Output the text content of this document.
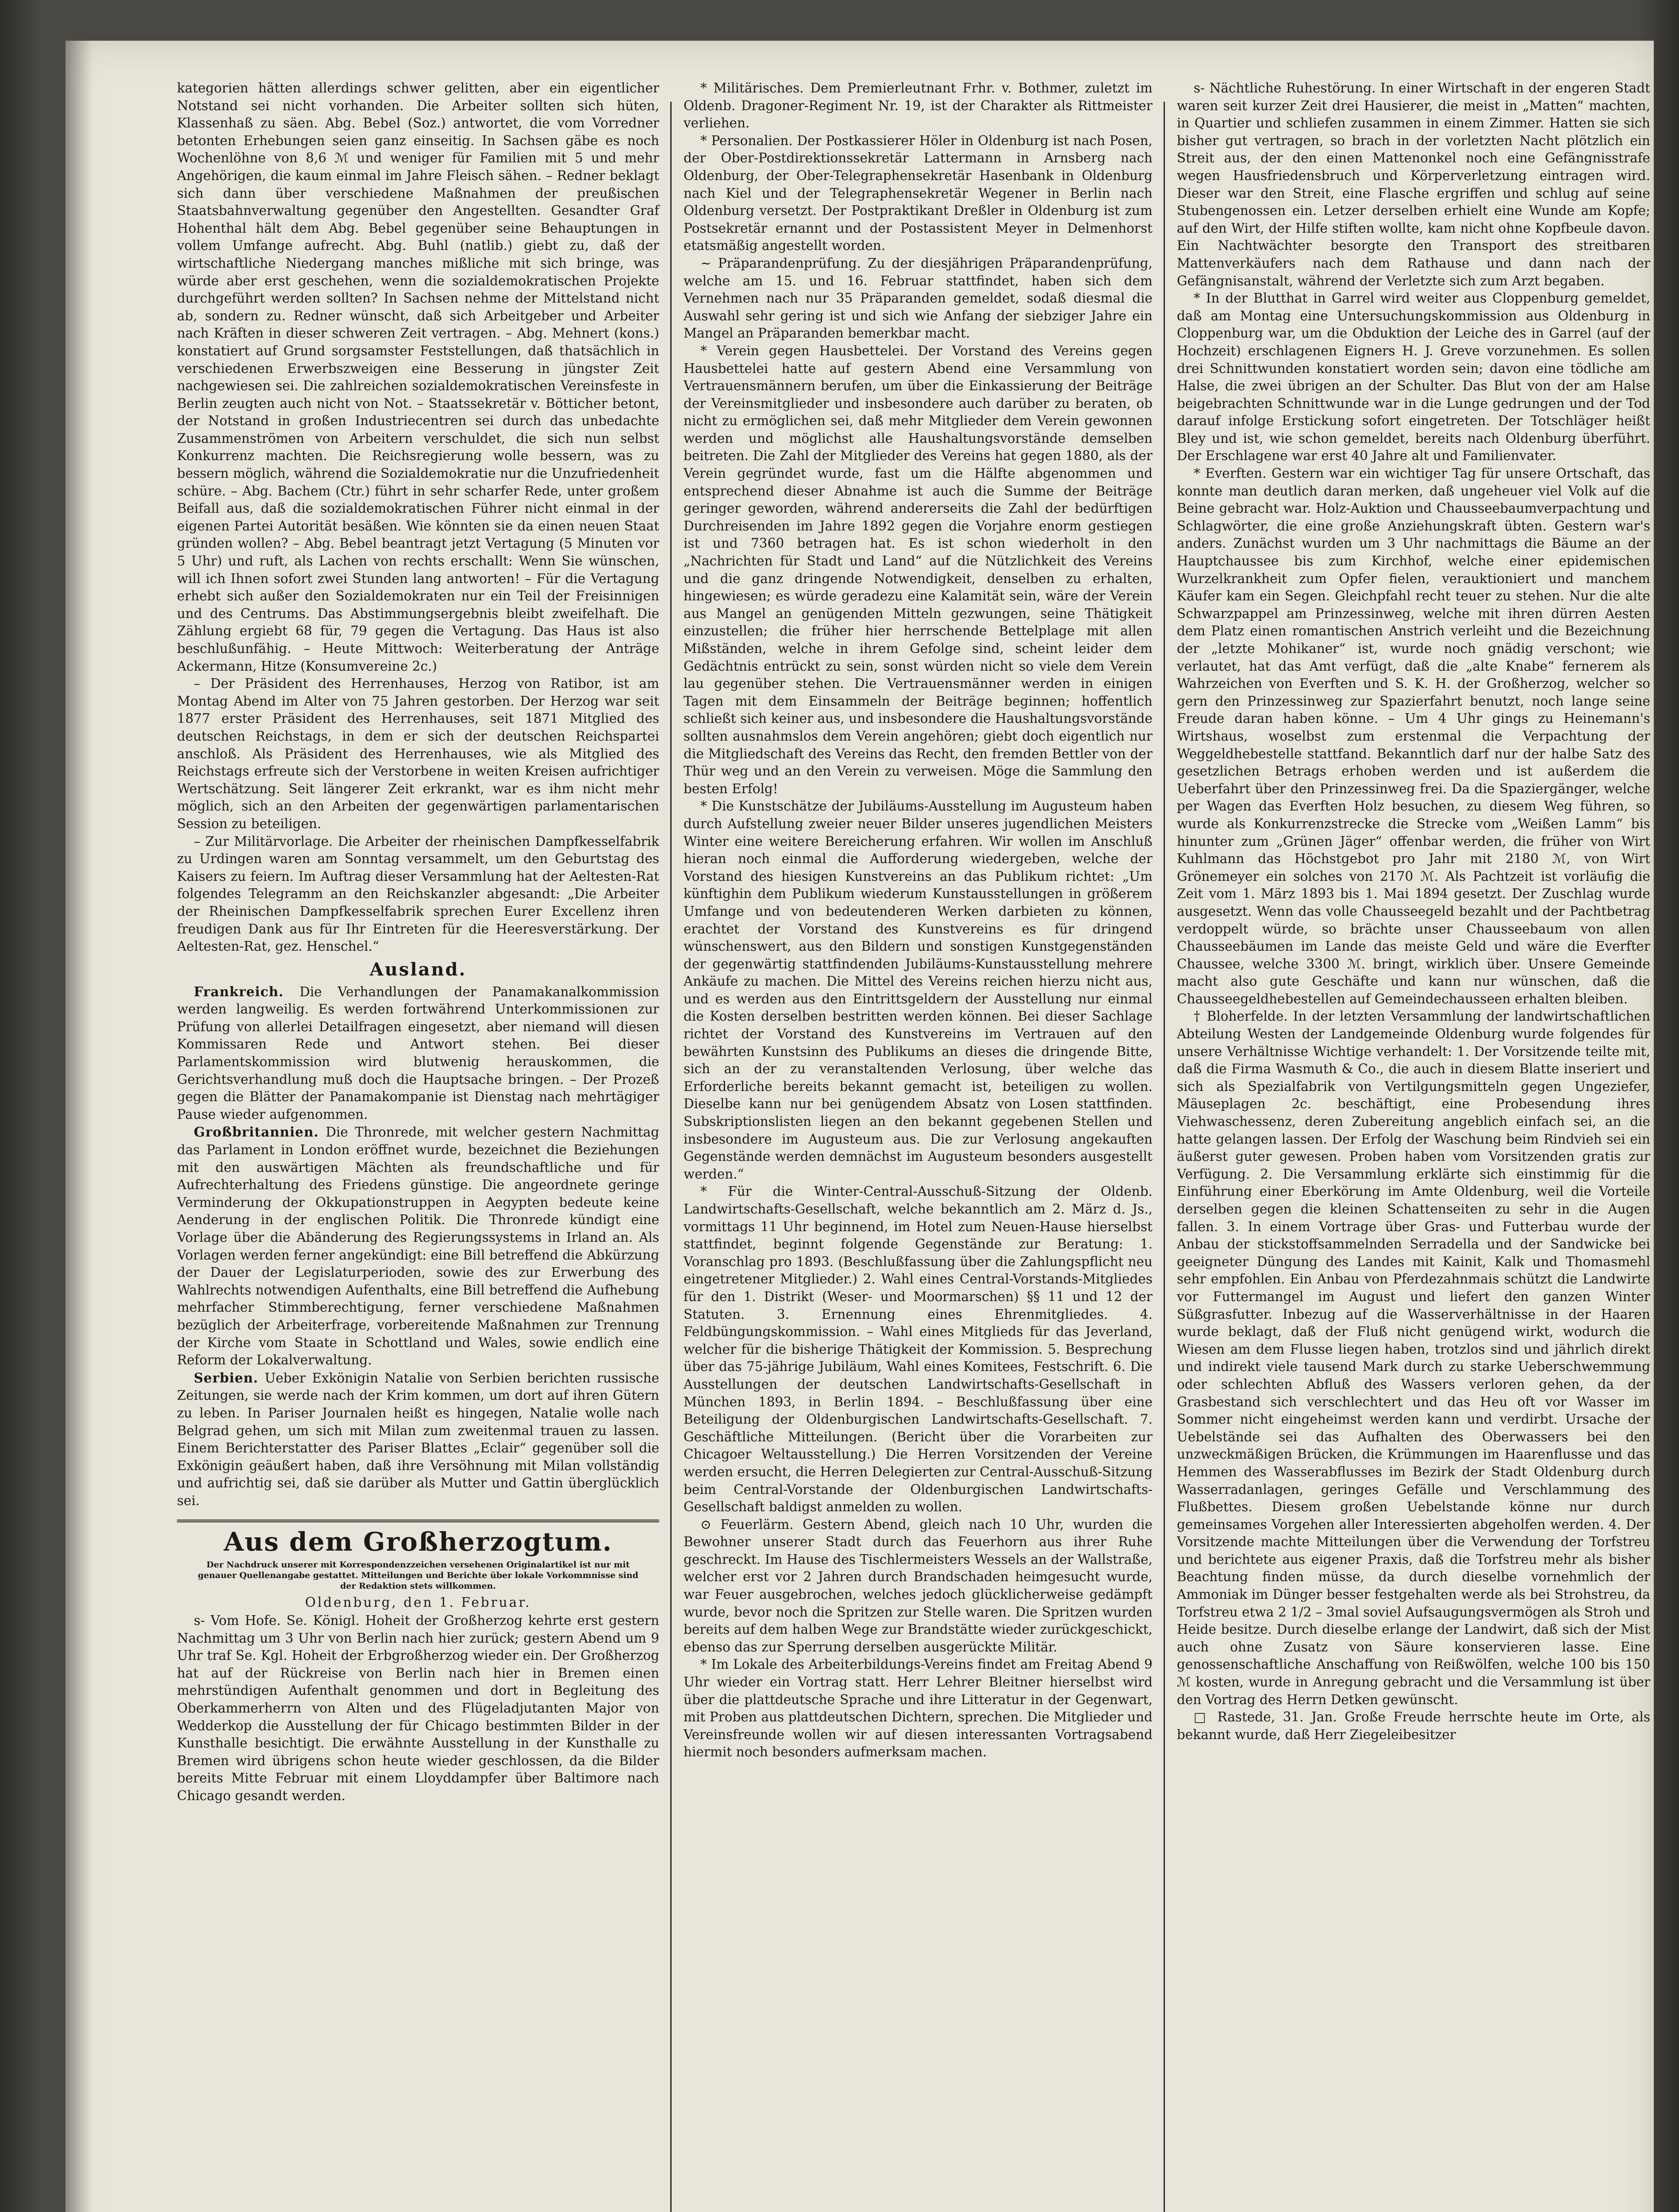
kategorien hätten allerdings schwer gelitten, aber ein eigentlicher Notstand sei nicht vorhanden. Die Arbeiter sollten sich hüten, Klassenhaß zu säen. Abg. Bebel (Soz.) antwortet, die vom Vorredner betonten Erhebungen seien ganz einseitig. In Sachsen gäbe es noch Wochenlöhne von 8,6 ℳ und weniger für Familien mit 5 und mehr Angehörigen, die kaum einmal im Jahre Fleisch sähen. – Redner beklagt sich dann über verschiedene Maßnahmen der preußischen Staatsbahnverwaltung gegenüber den Angestellten. Gesandter Graf Hohenthal hält dem Abg. Bebel gegenüber seine Behauptungen in vollem Umfange aufrecht. Abg. Buhl (natlib.) giebt zu, daß der wirtschaftliche Niedergang manches mißliche mit sich bringe, was würde aber erst geschehen, wenn die sozialdemokratischen Projekte durchgeführt werden sollten? In Sachsen nehme der Mittelstand nicht ab, sondern zu. Redner wünscht, daß sich Arbeitgeber und Arbeiter nach Kräften in dieser schweren Zeit vertragen. – Abg. Mehnert (kons.) konstatiert auf Grund sorgsamster Feststellungen, daß thatsächlich in verschiedenen Erwerbszweigen eine Besserung in jüngster Zeit nachgewiesen sei. Die zahlreichen sozialdemokratischen Vereinsfeste in Berlin zeugten auch nicht von Not. – Staatssekretär v. Bötticher betont, der Notstand in großen Industriecentren sei durch das unbedachte Zusammenströmen von Arbeitern verschuldet, die sich nun selbst Konkurrenz machten. Die Reichsregierung wolle bessern, was zu bessern möglich, während die Sozialdemokratie nur die Unzufriedenheit schüre. – Abg. Bachem (Ctr.) führt in sehr scharfer Rede, unter großem Beifall aus, daß die sozialdemokratischen Führer nicht einmal in der eigenen Partei Autorität besäßen. Wie könnten sie da einen neuen Staat gründen wollen? – Abg. Bebel beantragt jetzt Vertagung (5 Minuten vor 5 Uhr) und ruft, als Lachen von rechts erschallt: Wenn Sie wünschen, will ich Ihnen sofort zwei Stunden lang antworten! – Für die Vertagung erhebt sich außer den Sozialdemokraten nur ein Teil der Freisinnigen und des Centrums. Das Abstimmungsergebnis bleibt zweifelhaft. Die Zählung ergiebt 68 für, 79 gegen die Vertagung. Das Haus ist also beschlußunfähig. – Heute Mittwoch: Weiterberatung der Anträge Ackermann, Hitze (Konsumvereine 2c.)

– Der Präsident des Herrenhauses, Herzog von Ratibor, ist am Montag Abend im Alter von 75 Jahren gestorben. Der Herzog war seit 1877 erster Präsident des Herrenhauses, seit 1871 Mitglied des deutschen Reichstags, in dem er sich der deutschen Reichspartei anschloß. Als Präsident des Herrenhauses, wie als Mitglied des Reichstags erfreute sich der Verstorbene in weiten Kreisen aufrichtiger Wertschätzung. Seit längerer Zeit erkrankt, war es ihm nicht mehr möglich, sich an den Arbeiten der gegenwärtigen parlamentarischen Session zu beteiligen.

– Zur Militärvorlage. Die Arbeiter der rheinischen Dampfkesselfabrik zu Urdingen waren am Sonntag versammelt, um den Geburtstag des Kaisers zu feiern. Im Auftrag dieser Versammlung hat der Aeltesten-Rat folgendes Telegramm an den Reichskanzler abgesandt: „Die Arbeiter der Rheinischen Dampfkesselfabrik sprechen Eurer Excellenz ihren freudigen Dank aus für Ihr Eintreten für die Heeresverstärkung. Der Aeltesten-Rat, gez. Henschel.“

Ausland.

Frankreich. Die Verhandlungen der Panamakanalkommission werden langweilig. Es werden fortwährend Unterkommissionen zur Prüfung von allerlei Detailfragen eingesetzt, aber niemand will diesen Kommissaren Rede und Antwort stehen. Bei dieser Parlamentskommission wird blutwenig herauskommen, die Gerichtsverhandlung muß doch die Hauptsache bringen. – Der Prozeß gegen die Blätter der Panamakompanie ist Dienstag nach mehrtägiger Pause wieder aufgenommen.

Großbritannien. Die Thronrede, mit welcher gestern Nachmittag das Parlament in London eröffnet wurde, bezeichnet die Beziehungen mit den auswärtigen Mächten als freundschaftliche und für Aufrechterhaltung des Friedens günstige. Die angeordnete geringe Verminderung der Okkupationstruppen in Aegypten bedeute keine Aenderung in der englischen Politik. Die Thronrede kündigt eine Vorlage über die Abänderung des Regierungssystems in Irland an. Als Vorlagen werden ferner angekündigt: eine Bill betreffend die Abkürzung der Dauer der Legislaturperioden, sowie des zur Erwerbung des Wahlrechts notwendigen Aufenthalts, eine Bill betreffend die Aufhebung mehrfacher Stimmberechtigung, ferner verschiedene Maßnahmen bezüglich der Arbeiterfrage, vorbereitende Maßnahmen zur Trennung der Kirche vom Staate in Schottland und Wales, sowie endlich eine Reform der Lokalverwaltung.

Serbien. Ueber Exkönigin Natalie von Serbien berichten russische Zeitungen, sie werde nach der Krim kommen, um dort auf ihren Gütern zu leben. In Pariser Journalen heißt es hingegen, Natalie wolle nach Belgrad gehen, um sich mit Milan zum zweitenmal trauen zu lassen. Einem Berichterstatter des Pariser Blattes „Eclair“ gegenüber soll die Exkönigin geäußert haben, daß ihre Versöhnung mit Milan vollständig und aufrichtig sei, daß sie darüber als Mutter und Gattin überglücklich sei.

Aus dem Großherzogtum.
Der Nachdruck unserer mit Korrespondenzzeichen versehenen Originalartikel ist nur mit genauer Quellenangabe gestattet. Mitteilungen und Berichte über lokale Vorkommnisse sind der Redaktion stets willkommen.
Oldenburg, den 1. Februar.

s- Vom Hofe. Se. Königl. Hoheit der Großherzog kehrte erst gestern Nachmittag um 3 Uhr von Berlin nach hier zurück; gestern Abend um 9 Uhr traf Se. Kgl. Hoheit der Erbgroßherzog wieder ein. Der Großherzog hat auf der Rückreise von Berlin nach hier in Bremen einen mehrstündigen Aufenthalt genommen und dort in Begleitung des Oberkammerherrn von Alten und des Flügeladjutanten Major von Wedderkop die Ausstellung der für Chicago bestimmten Bilder in der Kunsthalle besichtigt. Die erwähnte Ausstellung in der Kunsthalle zu Bremen wird übrigens schon heute wieder geschlossen, da die Bilder bereits Mitte Februar mit einem Lloyddampfer über Baltimore nach Chicago gesandt werden.

* Militärisches. Dem Premierleutnant Frhr. v. Bothmer, zuletzt im Oldenb. Dragoner-Regiment Nr. 19, ist der Charakter als Rittmeister verliehen.

* Personalien. Der Postkassierer Höler in Oldenburg ist nach Posen, der Ober-Postdirektionssekretär Lattermann in Arnsberg nach Oldenburg, der Ober-Telegraphensekretär Hasenbank in Oldenburg nach Kiel und der Telegraphensekretär Wegener in Berlin nach Oldenburg versetzt. Der Postpraktikant Dreßler in Oldenburg ist zum Postsekretär ernannt und der Postassistent Meyer in Delmenhorst etatsmäßig angestellt worden.

~ Präparandenprüfung. Zu der diesjährigen Präparandenprüfung, welche am 15. und 16. Februar stattfindet, haben sich dem Vernehmen nach nur 35 Präparanden gemeldet, sodaß diesmal die Auswahl sehr gering ist und sich wie Anfang der siebziger Jahre ein Mangel an Präparanden bemerkbar macht.

* Verein gegen Hausbettelei. Der Vorstand des Vereins gegen Hausbettelei hatte auf gestern Abend eine Versammlung von Vertrauensmännern berufen, um über die Einkassierung der Beiträge der Vereinsmitglieder und insbesondere auch darüber zu beraten, ob nicht zu ermöglichen sei, daß mehr Mitglieder dem Verein gewonnen werden und möglichst alle Haushaltungsvorstände demselben beitreten. Die Zahl der Mitglieder des Vereins hat gegen 1880, als der Verein gegründet wurde, fast um die Hälfte abgenommen und entsprechend dieser Abnahme ist auch die Summe der Beiträge geringer geworden, während andererseits die Zahl der bedürftigen Durchreisenden im Jahre 1892 gegen die Vorjahre enorm gestiegen ist und 7360 betragen hat. Es ist schon wiederholt in den „Nachrichten für Stadt und Land“ auf die Nützlichkeit des Vereins und die ganz dringende Notwendigkeit, denselben zu erhalten, hingewiesen; es würde geradezu eine Kalamität sein, wäre der Verein aus Mangel an genügenden Mitteln gezwungen, seine Thätigkeit einzustellen; die früher hier herrschende Bettelplage mit allen Mißständen, welche in ihrem Gefolge sind, scheint leider dem Gedächtnis entrückt zu sein, sonst würden nicht so viele dem Verein lau gegenüber stehen. Die Vertrauensmänner werden in einigen Tagen mit dem Einsammeln der Beiträge beginnen; hoffentlich schließt sich keiner aus, und insbesondere die Haushaltungsvorstände sollten ausnahmslos dem Verein angehören; giebt doch eigentlich nur die Mitgliedschaft des Vereins das Recht, den fremden Bettler von der Thür weg und an den Verein zu verweisen. Möge die Sammlung den besten Erfolg!

* Die Kunstschätze der Jubiläums-Ausstellung im Augusteum haben durch Aufstellung zweier neuer Bilder unseres jugendlichen Meisters Winter eine weitere Bereicherung erfahren. Wir wollen im Anschluß hieran noch einmal die Aufforderung wiedergeben, welche der Vorstand des hiesigen Kunstvereins an das Publikum richtet: „Um künftighin dem Publikum wiederum Kunstausstellungen in größerem Umfange und von bedeutenderen Werken darbieten zu können, erachtet der Vorstand des Kunstvereins es für dringend wünschenswert, aus den Bildern und sonstigen Kunstgegenständen der gegenwärtig stattfindenden Jubiläums-Kunstausstellung mehrere Ankäufe zu machen. Die Mittel des Vereins reichen hierzu nicht aus, und es werden aus den Eintrittsgeldern der Ausstellung nur einmal die Kosten derselben bestritten werden können. Bei dieser Sachlage richtet der Vorstand des Kunstvereins im Vertrauen auf den bewährten Kunstsinn des Publikums an dieses die dringende Bitte, sich an der zu veranstaltenden Verlosung, über welche das Erforderliche bereits bekannt gemacht ist, beteiligen zu wollen. Dieselbe kann nur bei genügendem Absatz von Losen stattfinden. Subskriptionslisten liegen an den bekannt gegebenen Stellen und insbesondere im Augusteum aus. Die zur Verlosung angekauften Gegenstände werden demnächst im Augusteum besonders ausgestellt werden.“

* Für die Winter-Central-Ausschuß-Sitzung der Oldenb. Landwirtschafts-Gesellschaft, welche bekanntlich am 2. März d. Js., vormittags 11 Uhr beginnend, im Hotel zum Neuen-Hause hierselbst stattfindet, beginnt folgende Gegenstände zur Beratung: 1. Voranschlag pro 1893. (Beschlußfassung über die Zahlungspflicht neu eingetretener Mitglieder.) 2. Wahl eines Central-Vorstands-Mitgliedes für den 1. Distrikt (Weser- und Moormarschen) §§ 11 und 12 der Statuten. 3. Ernennung eines Ehrenmitgliedes. 4. Feldbüngungskommission. – Wahl eines Mitglieds für das Jeverland, welcher für die bisherige Thätigkeit der Kommission. 5. Besprechung über das 75-jährige Jubiläum, Wahl eines Komitees, Festschrift. 6. Die Ausstellungen der deutschen Landwirtschafts-Gesellschaft in München 1893, in Berlin 1894. – Beschlußfassung über eine Beteiligung der Oldenburgischen Landwirtschafts-Gesellschaft. 7. Geschäftliche Mitteilungen. (Bericht über die Vorarbeiten zur Chicagoer Weltausstellung.) Die Herren Vorsitzenden der Vereine werden ersucht, die Herren Delegierten zur Central-Ausschuß-Sitzung beim Central-Vorstande der Oldenburgischen Landwirtschafts-Gesellschaft baldigst anmelden zu wollen.

⊙ Feuerlärm. Gestern Abend, gleich nach 10 Uhr, wurden die Bewohner unserer Stadt durch das Feuerhorn aus ihrer Ruhe geschreckt. Im Hause des Tischlermeisters Wessels an der Wallstraße, welcher erst vor 2 Jahren durch Brandschaden heimgesucht wurde, war Feuer ausgebrochen, welches jedoch glücklicherweise gedämpft wurde, bevor noch die Spritzen zur Stelle waren. Die Spritzen wurden bereits auf dem halben Wege zur Brandstätte wieder zurückgeschickt, ebenso das zur Sperrung derselben ausgerückte Militär.

* Im Lokale des Arbeiterbildungs-Vereins findet am Freitag Abend 9 Uhr wieder ein Vortrag statt. Herr Lehrer Bleitner hierselbst wird über die plattdeutsche Sprache und ihre Litteratur in der Gegenwart, mit Proben aus plattdeutschen Dichtern, sprechen. Die Mitglieder und Vereinsfreunde wollen wir auf diesen interessanten Vortragsabend hiermit noch besonders aufmerksam machen.

s- Nächtliche Ruhestörung. In einer Wirtschaft in der engeren Stadt waren seit kurzer Zeit drei Hausierer, die meist in „Matten“ machten, in Quartier und schliefen zusammen in einem Zimmer. Hatten sie sich bisher gut vertragen, so brach in der vorletzten Nacht plötzlich ein Streit aus, der den einen Mattenonkel noch eine Gefängnisstrafe wegen Hausfriedensbruch und Körperverletzung eintragen wird. Dieser war den Streit, eine Flasche ergriffen und schlug auf seine Stubengenossen ein. Letzer derselben erhielt eine Wunde am Kopfe; auf den Wirt, der Hilfe stiften wollte, kam nicht ohne Kopfbeule davon. Ein Nachtwächter besorgte den Transport des streitbaren Mattenverkäufers nach dem Rathause und dann nach der Gefängnisanstalt, während der Verletzte sich zum Arzt begaben.

* In der Blutthat in Garrel wird weiter aus Cloppenburg gemeldet, daß am Montag eine Untersuchungskommission aus Oldenburg in Cloppenburg war, um die Obduktion der Leiche des in Garrel (auf der Hochzeit) erschlagenen Eigners H. J. Greve vorzunehmen. Es sollen drei Schnittwunden konstatiert worden sein; davon eine tödliche am Halse, die zwei übrigen an der Schulter. Das Blut von der am Halse beigebrachten Schnittwunde war in die Lunge gedrungen und der Tod darauf infolge Erstickung sofort eingetreten. Der Totschläger heißt Bley und ist, wie schon gemeldet, bereits nach Oldenburg überführt. Der Erschlagene war erst 40 Jahre alt und Familienvater.

* Everften. Gestern war ein wichtiger Tag für unsere Ortschaft, das konnte man deutlich daran merken, daß ungeheuer viel Volk auf die Beine gebracht war. Holz-Auktion und Chausseebaumverpachtung und Schlagwörter, die eine große Anziehungskraft übten. Gestern war's anders. Zunächst wurden um 3 Uhr nachmittags die Bäume an der Hauptchaussee bis zum Kirchhof, welche einer epidemischen Wurzelkrankheit zum Opfer fielen, verauktioniert und manchem Käufer kam ein Segen. Gleichpfahl recht teuer zu stehen. Nur die alte Schwarzpappel am Prinzessinweg, welche mit ihren dürren Aesten dem Platz einen romantischen Anstrich verleiht und die Bezeichnung der „letzte Mohikaner“ ist, wurde noch gnädig verschont; wie verlautet, hat das Amt verfügt, daß die „alte Knabe“ fernerem als Wahrzeichen von Everften und S. K. H. der Großherzog, welcher so gern den Prinzessinweg zur Spazierfahrt benutzt, noch lange seine Freude daran haben könne. – Um 4 Uhr gings zu Heinemann's Wirtshaus, woselbst zum erstenmal die Verpachtung der Weggeldhebestelle stattfand. Bekanntlich darf nur der halbe Satz des gesetzlichen Betrags erhoben werden und ist außerdem die Ueberfahrt über den Prinzessinweg frei. Da die Spaziergänger, welche per Wagen das Everften Holz besuchen, zu diesem Weg führen, so wurde als Konkurrenzstrecke die Strecke vom „Weißen Lamm“ bis hinunter zum „Grünen Jäger“ offenbar werden, die früher von Wirt Kuhlmann das Höchstgebot pro Jahr mit 2180 ℳ, von Wirt Grönemeyer ein solches von 2170 ℳ. Als Pachtzeit ist vorläufig die Zeit vom 1. März 1893 bis 1. Mai 1894 gesetzt. Der Zuschlag wurde ausgesetzt. Wenn das volle Chausseegeld bezahlt und der Pachtbetrag verdoppelt würde, so brächte unser Chausseebaum von allen Chausseebäumen im Lande das meiste Geld und wäre die Everfter Chaussee, welche 3300 ℳ. bringt, wirklich über. Unsere Gemeinde macht also gute Geschäfte und kann nur wünschen, daß die Chausseegeldhebestellen auf Gemeindechausseen erhalten bleiben.

† Bloherfelde. In der letzten Versammlung der landwirtschaftlichen Abteilung Westen der Landgemeinde Oldenburg wurde folgendes für unsere Verhältnisse Wichtige verhandelt: 1. Der Vorsitzende teilte mit, daß die Firma Wasmuth & Co., die auch in diesem Blatte inseriert und sich als Spezialfabrik von Vertilgungsmitteln gegen Ungeziefer, Mäuseplagen 2c. beschäftigt, eine Probesendung ihres Viehwaschessenz, deren Zubereitung angeblich einfach sei, an die hatte gelangen lassen. Der Erfolg der Waschung beim Rindvieh sei ein äußerst guter gewesen. Proben haben vom Vorsitzenden gratis zur Verfügung. 2. Die Versammlung erklärte sich einstimmig für die Einführung einer Eberkörung im Amte Oldenburg, weil die Vorteile derselben gegen die kleinen Schattenseiten zu sehr in die Augen fallen. 3. In einem Vortrage über Gras- und Futterbau wurde der Anbau der stickstoffsammelnden Serradella und der Sandwicke bei geeigneter Düngung des Landes mit Kainit, Kalk und Thomasmehl sehr empfohlen. Ein Anbau von Pferdezahnmais schützt die Landwirte vor Futtermangel im August und liefert den ganzen Winter Süßgrasfutter. Inbezug auf die Wasserverhältnisse in der Haaren wurde beklagt, daß der Fluß nicht genügend wirkt, wodurch die Wiesen am dem Flusse liegen haben, trotzlos sind und jährlich direkt und indirekt viele tausend Mark durch zu starke Ueberschwemmung oder schlechten Abfluß des Wassers verloren gehen, da der Grasbestand sich verschlechtert und das Heu oft vor Wasser im Sommer nicht eingeheimst werden kann und verdirbt. Ursache der Uebelstände sei das Aufhalten des Oberwassers bei den unzweckmäßigen Brücken, die Krümmungen im Haarenflusse und das Hemmen des Wasserabflusses im Bezirk der Stadt Oldenburg durch Wasserradanlagen, geringes Gefälle und Verschlammung des Flußbettes. Diesem großen Uebelstande könne nur durch gemeinsames Vorgehen aller Interessierten abgeholfen werden. 4. Der Vorsitzende machte Mitteilungen über die Verwendung der Torfstreu und berichtete aus eigener Praxis, daß die Torfstreu mehr als bisher Beachtung finden müsse, da durch dieselbe vornehmlich der Ammoniak im Dünger besser festgehalten werde als bei Strohstreu, da Torfstreu etwa 2 1/2 – 3mal soviel Aufsaugungsvermögen als Stroh und Heide besitze. Durch dieselbe erlange der Landwirt, daß sich der Mist auch ohne Zusatz von Säure konservieren lasse. Eine genossenschaftliche Anschaffung von Reißwölfen, welche 100 bis 150 ℳ kosten, wurde in Anregung gebracht und die Versammlung ist über den Vortrag des Herrn Detken gewünscht.

□ Rastede, 31. Jan. Große Freude herrschte heute im Orte, als bekannt wurde, daß Herr Ziegeleibesitzer
